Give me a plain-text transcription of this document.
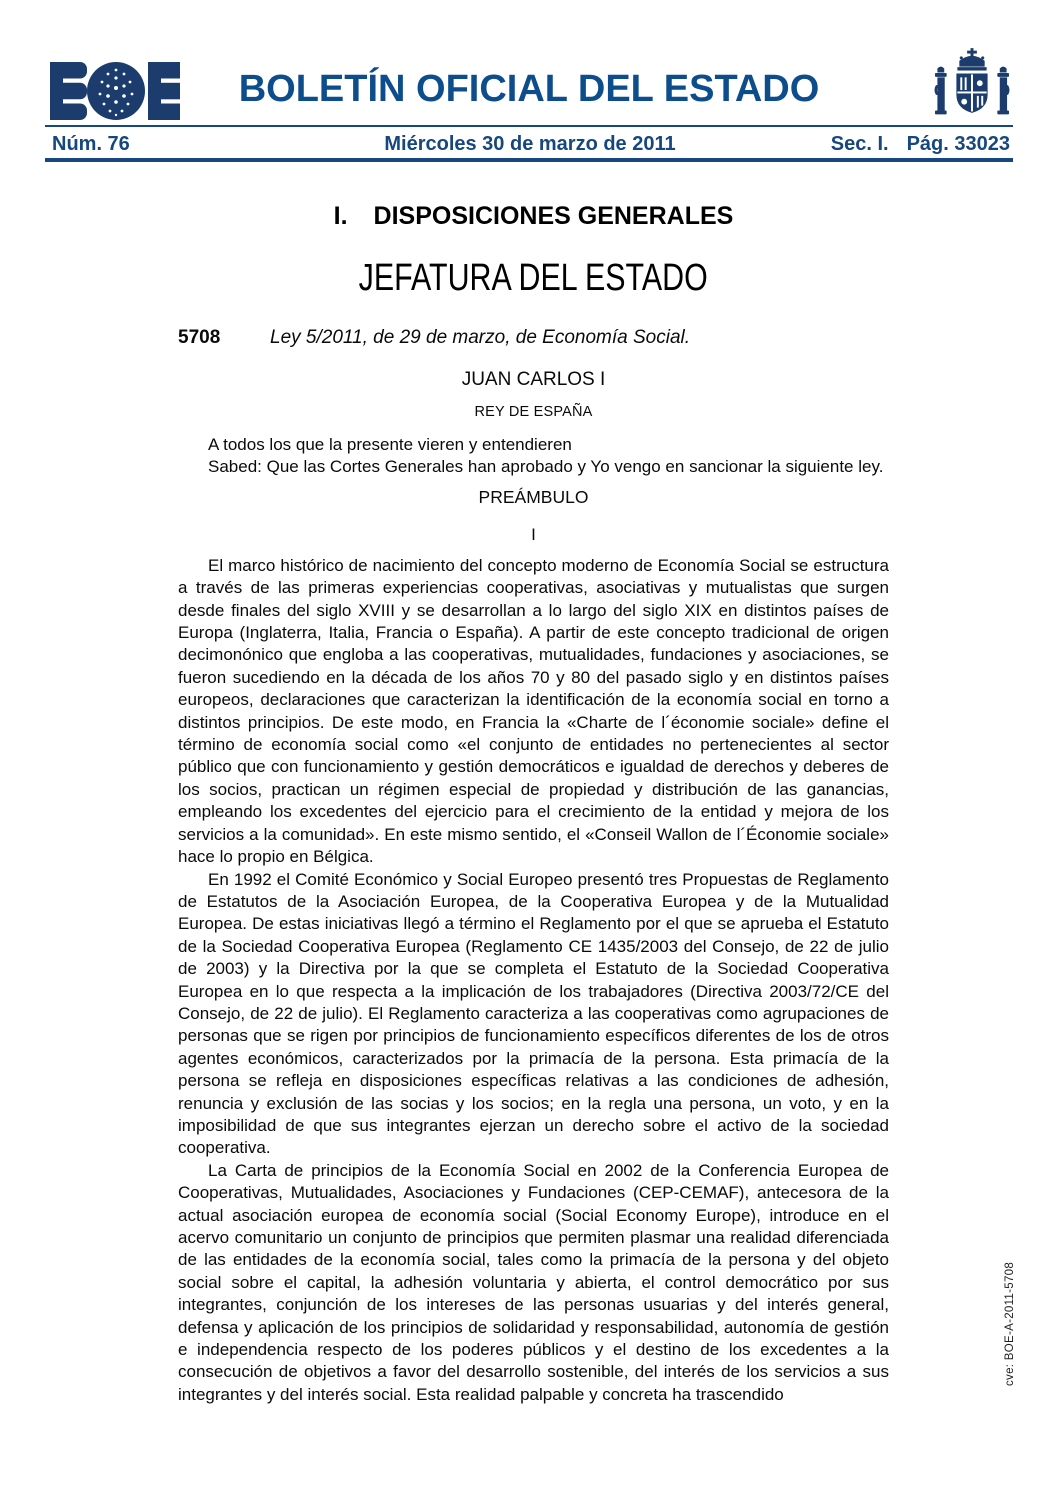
BOLETÍN OFICIAL DEL ESTADO
Núm. 76	Miércoles 30 de marzo de 2011	Sec. I. Pág. 33023
I. DISPOSICIONES GENERALES
JEFATURA DEL ESTADO
5708	Ley 5/2011, de 29 de marzo, de Economía Social.
JUAN CARLOS I
REY DE ESPAÑA

A todos los que la presente vieren y entendieren

Sabed: Que las Cortes Generales han aprobado y Yo vengo en sancionar la siguiente ley.

PREÁMBULO
I

El marco histórico de nacimiento del concepto moderno de Economía Social se estructura a través de las primeras experiencias cooperativas, asociativas y mutualistas que surgen desde finales del siglo XVIII y se desarrollan a lo largo del siglo XIX en distintos países de Europa (Inglaterra, Italia, Francia o España). A partir de este concepto tradicional de origen decimonónico que engloba a las cooperativas, mutualidades, fundaciones y asociaciones, se fueron sucediendo en la década de los años 70 y 80 del pasado siglo y en distintos países europeos, declaraciones que caracterizan la identificación de la economía social en torno a distintos principios. De este modo, en Francia la «Charte de l´économie sociale» define el término de economía social como «el conjunto de entidades no pertenecientes al sector público que con funcionamiento y gestión democráticos e igualdad de derechos y deberes de los socios, practican un régimen especial de propiedad y distribución de las ganancias, empleando los excedentes del ejercicio para el crecimiento de la entidad y mejora de los servicios a la comunidad». En este mismo sentido, el «Conseil Wallon de l´Économie sociale» hace lo propio en Bélgica.

En 1992 el Comité Económico y Social Europeo presentó tres Propuestas de Reglamento de Estatutos de la Asociación Europea, de la Cooperativa Europea y de la Mutualidad Europea. De estas iniciativas llegó a término el Reglamento por el que se aprueba el Estatuto de la Sociedad Cooperativa Europea (Reglamento CE 1435/2003 del Consejo, de 22 de julio de 2003) y la Directiva por la que se completa el Estatuto de la Sociedad Cooperativa Europea en lo que respecta a la implicación de los trabajadores (Directiva 2003/72/CE del Consejo, de 22 de julio). El Reglamento caracteriza a las cooperativas como agrupaciones de personas que se rigen por principios de funcionamiento específicos diferentes de los de otros agentes económicos, caracterizados por la primacía de la persona. Esta primacía de la persona se refleja en disposiciones específicas relativas a las condiciones de adhesión, renuncia y exclusión de las socias y los socios; en la regla una persona, un voto, y en la imposibilidad de que sus integrantes ejerzan un derecho sobre el activo de la sociedad cooperativa.

La Carta de principios de la Economía Social en 2002 de la Conferencia Europea de Cooperativas, Mutualidades, Asociaciones y Fundaciones (CEP-CEMAF), antecesora de la actual asociación europea de economía social (Social Economy Europe), introduce en el acervo comunitario un conjunto de principios que permiten plasmar una realidad diferenciada de las entidades de la economía social, tales como la primacía de la persona y del objeto social sobre el capital, la adhesión voluntaria y abierta, el control democrático por sus integrantes, conjunción de los intereses de las personas usuarias y del interés general, defensa y aplicación de los principios de solidaridad y responsabilidad, autonomía de gestión e independencia respecto de los poderes públicos y el destino de los excedentes a la consecución de objetivos a favor del desarrollo sostenible, del interés de los servicios a sus integrantes y del interés social. Esta realidad palpable y concreta ha trascendido

cve: BOE-A-2011-5708
